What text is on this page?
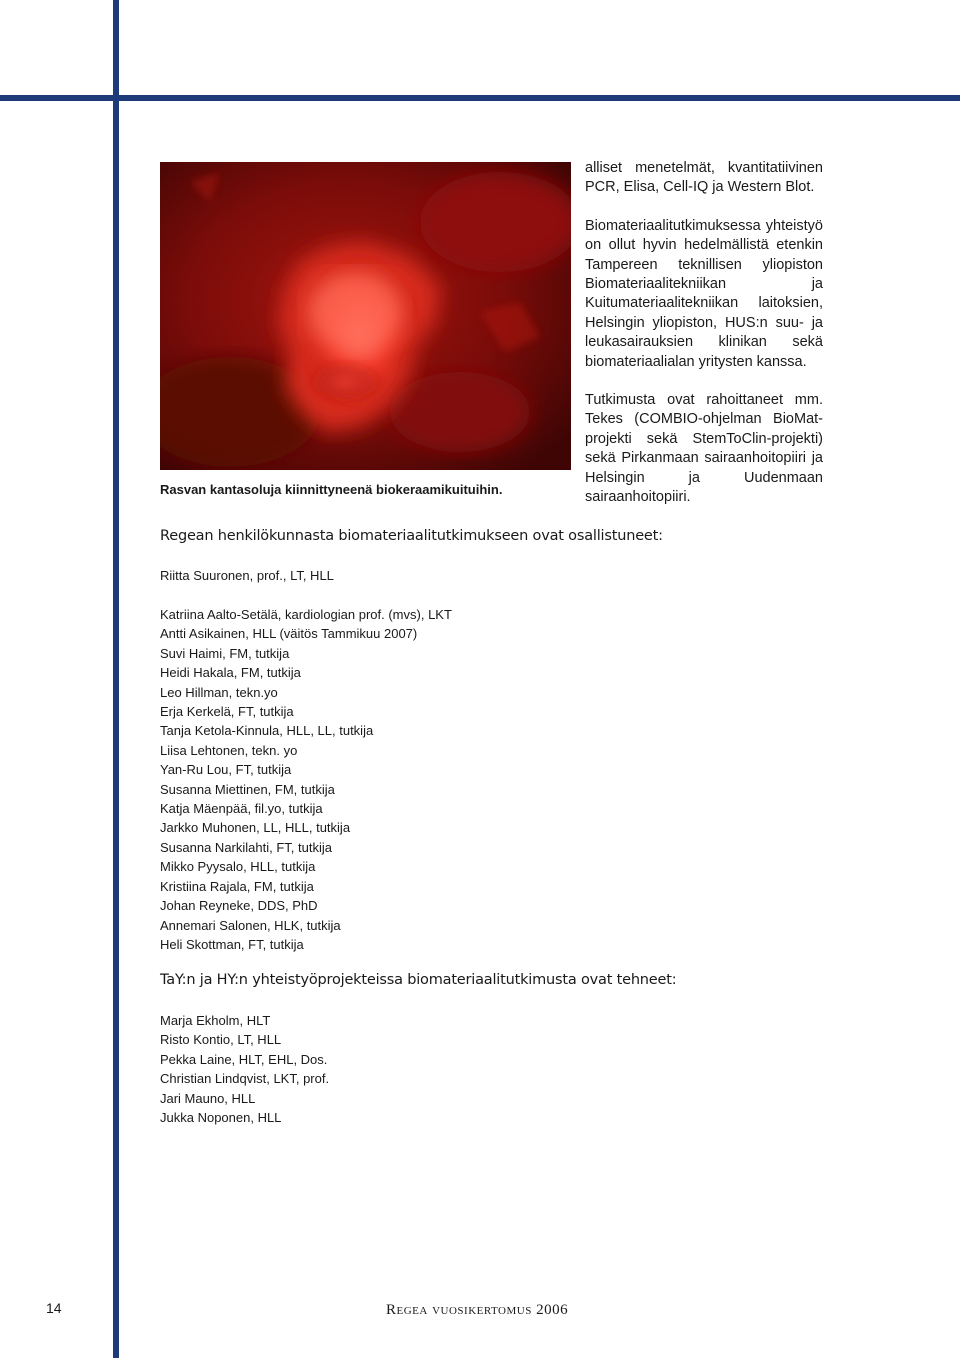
Rasvan kantasoluja kiinnittyneenä biokeraamikuituihin.

alliset menetelmät, kvantitatiivinen PCR, Elisa, Cell-IQ ja Western Blot.

Biomateriaalitutkimuksessa yhteistyö on ollut hyvin hedelmällistä etenkin Tampereen teknillisen yliopiston Biomateriaalitekniikan ja Kuitumateriaalitekniikan laitoksien, Helsingin yliopiston, HUS:n suu- ja leukasairauksien klinikan sekä biomateriaalialan yritysten kanssa.

Tutkimusta ovat rahoittaneet mm. Tekes (COMBIO-ohjelman BioMat-projekti sekä StemToClin-projekti) sekä Pirkanmaan sairaanhoitopiiri ja Helsingin ja Uudenmaan sairaanhoitopiiri.

Regean henkilökunnasta biomateriaalitutkimukseen ovat osallistuneet:
Riitta Suuronen, prof., LT, HLL
Katriina Aalto-Setälä, kardiologian prof. (mvs), LKT
Antti Asikainen, HLL (väitös Tammikuu 2007)
Suvi Haimi, FM, tutkija
Heidi Hakala, FM, tutkija
Leo Hillman, tekn.yo
Erja Kerkelä, FT, tutkija
Tanja Ketola-Kinnula, HLL, LL, tutkija
Liisa Lehtonen, tekn. yo
Yan-Ru Lou, FT, tutkija
Susanna Miettinen, FM, tutkija
Katja Mäenpää, fil.yo, tutkija
Jarkko Muhonen, LL, HLL, tutkija
Susanna Narkilahti, FT, tutkija
Mikko Pyysalo, HLL, tutkija
Kristiina Rajala, FM, tutkija
Johan Reyneke, DDS, PhD
Annemari Salonen, HLK, tutkija
Heli Skottman, FT, tutkija
TaY:n ja HY:n yhteistyöprojekteissa biomateriaalitutkimusta ovat tehneet:
Marja Ekholm, HLT
Risto Kontio, LT, HLL
Pekka Laine, HLT, EHL, Dos.
Christian Lindqvist, LKT, prof.
Jari Mauno, HLL
Jukka Noponen, HLL
14	Regea vuosikertomus 2006
